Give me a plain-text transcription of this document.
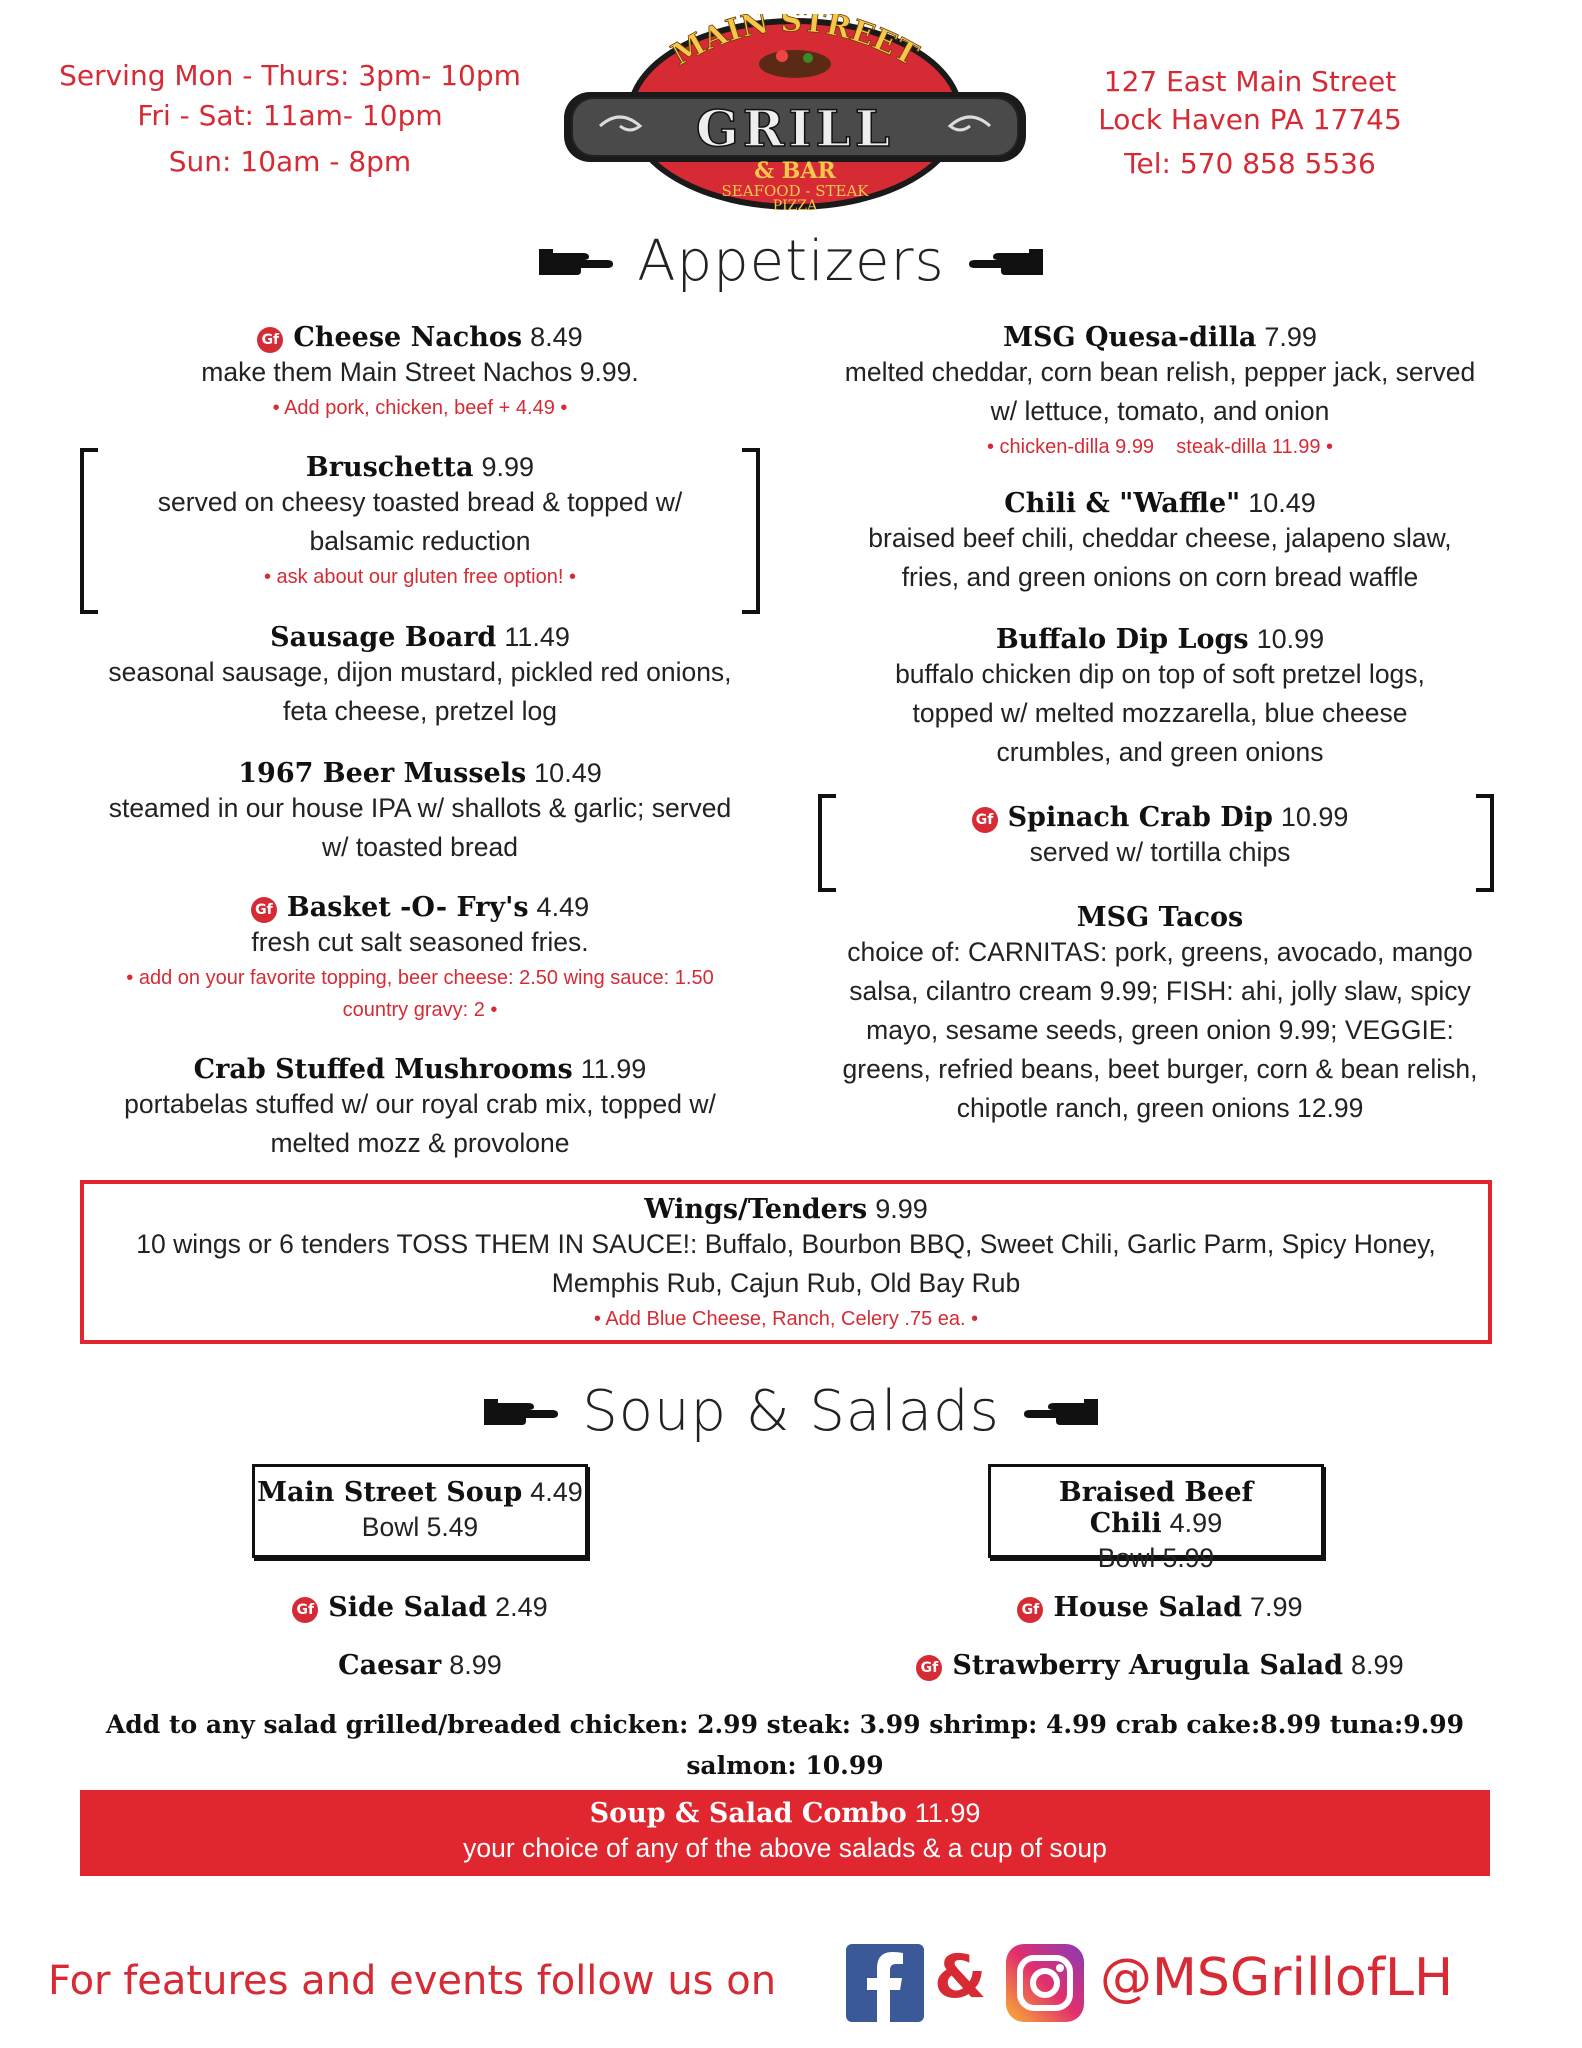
Serving Mon - Thurs: 3pm- 10pm
Fri - Sat: 11am- 10pm
Sun: 10am - 8pm
MAIN STREET
GRILL
& BAR
SEAFOOD - STEAK
PIZZA
127 East Main Street
Lock Haven PA 17745
Tel: 570 858 5536
Appetizers
Gf Cheese Nachos 8.49
make them Main Street Nachos 9.99.
• Add pork, chicken, beef + 4.49 •
Bruschetta 9.99
served on cheesy toasted bread & topped w/ balsamic reduction
• ask about our gluten free option! •
Sausage Board 11.49
seasonal sausage, dijon mustard, pickled red onions, feta cheese, pretzel log
1967 Beer Mussels 10.49
steamed in our house IPA w/ shallots & garlic; served w/ toasted bread
Gf Basket -O- Fry's 4.49
fresh cut salt seasoned fries.
• add on your favorite topping, beer cheese: 2.50 wing sauce: 1.50 country gravy: 2 •
Crab Stuffed Mushrooms 11.99
portabelas stuffed w/ our royal crab mix, topped w/ melted mozz & provolone
MSG Quesa-dilla 7.99
melted cheddar, corn bean relish, pepper jack, served w/ lettuce, tomato, and onion
• chicken-dilla 9.99    steak-dilla 11.99 •
Chili & "Waffle" 10.49
braised beef chili, cheddar cheese, jalapeno slaw, fries, and green onions on corn bread waffle
Buffalo Dip Logs 10.99
buffalo chicken dip on top of soft pretzel logs, topped w/ melted mozzarella, blue cheese crumbles, and green onions
Gf Spinach Crab Dip 10.99
served w/ tortilla chips
MSG Tacos
choice of: CARNITAS: pork, greens, avocado, mango salsa, cilantro cream 9.99; FISH: ahi, jolly slaw, spicy mayo, sesame seeds, green onion 9.99; VEGGIE: greens, refried beans, beet burger, corn & bean relish, chipotle ranch, green onions 12.99
Wings/Tenders 9.99
10 wings or 6 tenders TOSS THEM IN SAUCE!: Buffalo, Bourbon BBQ, Sweet Chili, Garlic Parm, Spicy Honey, Memphis Rub, Cajun Rub, Old Bay Rub
• Add Blue Cheese, Ranch, Celery .75 ea. •
Soup & Salads
Main Street Soup 4.49
Bowl 5.49
Braised Beef Chili 4.99
Bowl 5.99
Gf Side Salad 2.49
Caesar 8.99
Gf House Salad 7.99
Gf Strawberry Arugula Salad 8.99
Add to any salad grilled/breaded chicken: 2.99 steak: 3.99 shrimp: 4.99 crab cake:8.99 tuna:9.99
salmon: 10.99
Soup & Salad Combo 11.99
your choice of any of the above salads & a cup of soup
For features and events follow us on	& @MSGrillofLH
